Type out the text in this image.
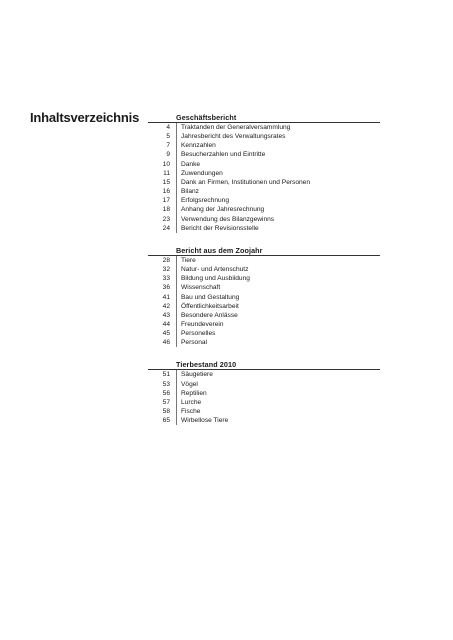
Inhaltsverzeichnis	Geschäftsbericht
4	Traktanden der Generalversammlung
5	Jahresbericht des Verwaltungsrates
7	Kennzahlen
9	Besucherzahlen und Eintritte
10	Danke
11	Zuwendungen
15	Dank an Firmen, Institutionen und Personen
16	Bilanz
17	Erfolgsrechnung
18	Anhang der Jahresrechnung
23	Verwendung des Bilanzgewinns
24	Bericht der Revisionsstelle
Bericht aus dem Zoojahr
28	Tiere
32	Natur- und Artenschutz
33	Bildung und Ausbildung
36	Wissenschaft
41	Bau und Gestaltung
42	Öffentlichkeitsarbeit
43	Besondere Anlässe
44	Freundeverein
45	Personelles
46	Personal
Tierbestand 2010
51	Säugetiere
53	Vögel
56	Reptilien
57	Lurche
58	Fische
65	Wirbellose Tiere
